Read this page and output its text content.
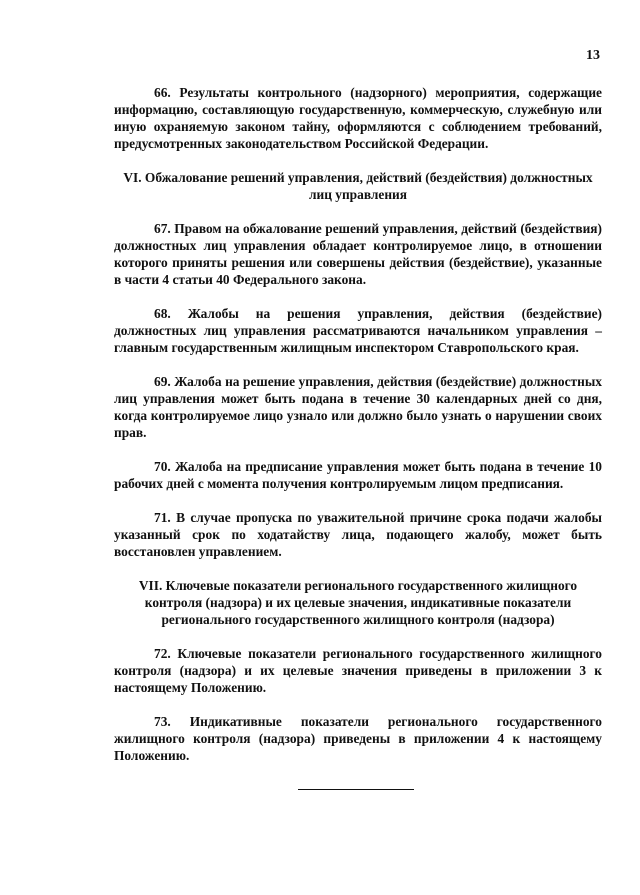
13

66. Результаты контрольного (надзорного) мероприятия, содержащие информацию, составляющую государственную, коммерческую, служебную или иную охраняемую законом тайну, оформляются с соблюдением требований, предусмотренных законодательством Российской Федерации.

VI. Обжалование решений управления, действий (бездействия) должностных лиц управления

67. Правом на обжалование решений управления, действий (бездействия) должностных лиц управления обладает контролируемое лицо, в отношении которого приняты решения или совершены действия (бездействие), указанные в части 4 статьи 40 Федерального закона.

68. Жалобы на решения управления, действия (бездействие) должностных лиц управления рассматриваются начальником управления – главным государственным жилищным инспектором Ставропольского края.

69. Жалоба на решение управления, действия (бездействие) должностных лиц управления может быть подана в течение 30 календарных дней со дня, когда контролируемое лицо узнало или должно было узнать о нарушении своих прав.

70. Жалоба на предписание управления может быть подана в течение 10 рабочих дней с момента получения контролируемым лицом предписания.

71. В случае пропуска по уважительной причине срока подачи жалобы указанный срок по ходатайству лица, подающего жалобу, может быть восстановлен управлением.

VII. Ключевые показатели регионального государственного жилищного контроля (надзора) и их целевые значения, индикативные показатели регионального государственного жилищного контроля (надзора)

72. Ключевые показатели регионального государственного жилищного контроля (надзора) и их целевые значения приведены в приложении 3 к настоящему Положению.

73. Индикативные показатели регионального государственного жилищного контроля (надзора) приведены в приложении 4 к настоящему Положению.
